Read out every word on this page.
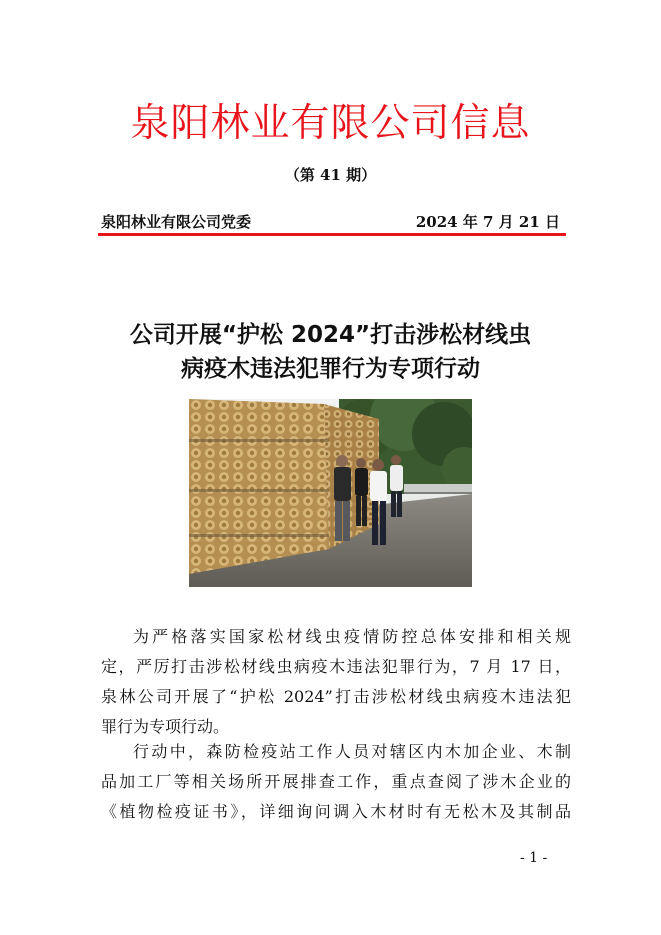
泉阳林业有限公司信息
（第 41 期）
泉阳林业有限公司党委	2024 年 7 月 21 日
公司开展“护松 2024”打击涉松材线虫
病疫木违法犯罪行为专项行动
为严格落实国家松材线虫疫情防控总体安排和相关规
定，严厉打击涉松材线虫病疫木违法犯罪行为，7 月 17 日，
泉林公司开展了“护松 2024”打击涉松材线虫病疫木违法犯
罪行为专项行动。
行动中，森防检疫站工作人员对辖区内木加企业、木制
品加工厂等相关场所开展排查工作，重点查阅了涉木企业的
《植物检疫证书》，详细询问调入木材时有无松木及其制品
- 1 -
